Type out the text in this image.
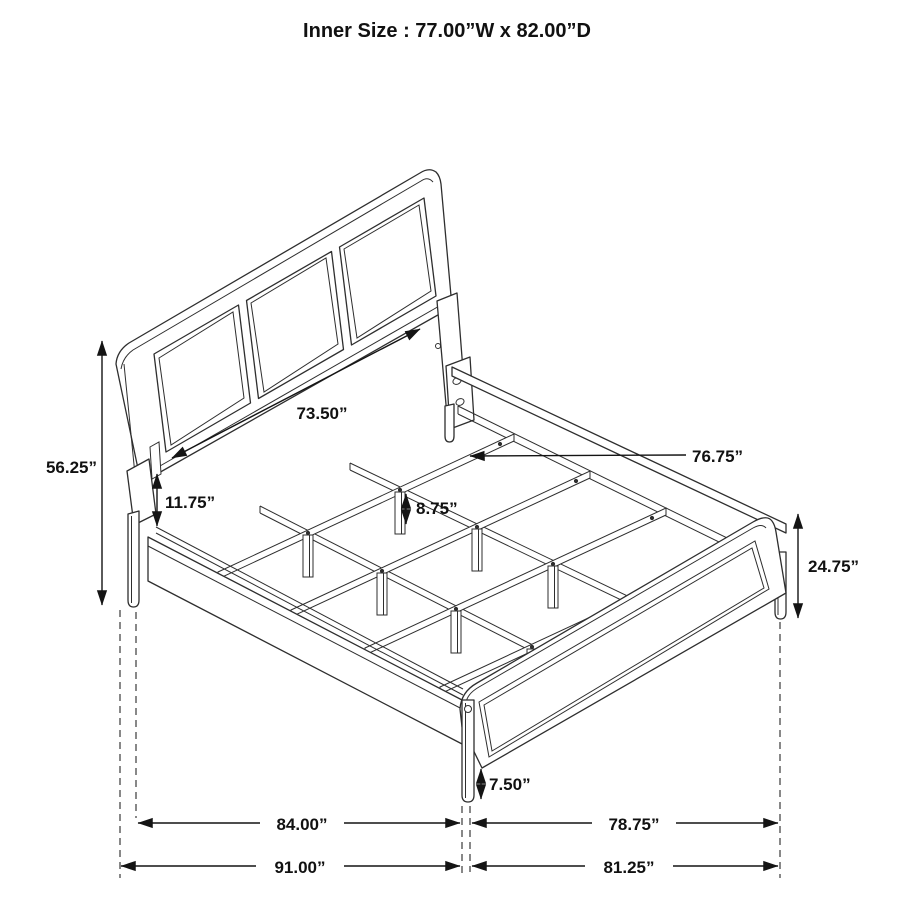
56.25”
73.50”
11.75”	8.75”
76.75”
24.75”
7.50”
84.00”	78.75”
91.00”	81.25”
Inner Size : 77.00”W x 82.00”D
